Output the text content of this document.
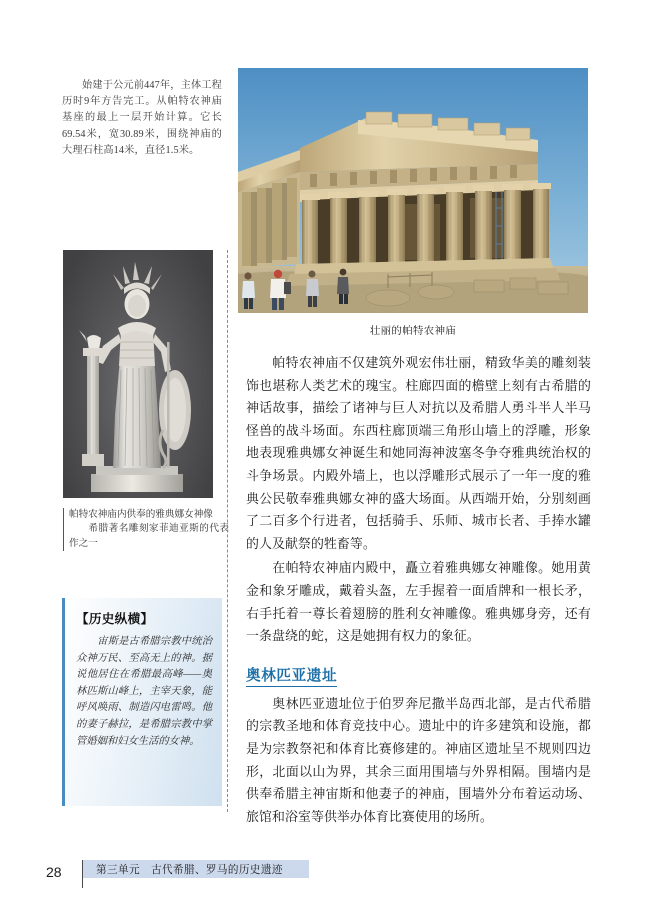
始建于公元前447年，主体工程历时9年方告完工。从帕特农神庙基座的最上一层开始计算。它长69.54米，宽30.89米，围绕神庙的大理石柱高14米，直径1.5米。
帕特农神庙内供奉的雅典娜女神像
希腊著名雕刻家菲迪亚斯的代表作之一
【历史纵横】
宙斯是古希腊宗教中统治众神万民、至高无上的神。据说他居住在希腊最高峰——奥林匹斯山峰上，主宰天象，能呼风唤雨、制造闪电雷鸣。他的妻子赫拉，是希腊宗教中掌管婚姻和妇女生活的女神。
壮丽的帕特农神庙

帕特农神庙不仅建筑外观宏伟壮丽，精致华美的雕刻装饰也堪称人类艺术的瑰宝。柱廊四面的檐壁上刻有古希腊的神话故事，描绘了诸神与巨人对抗以及希腊人勇斗半人半马怪兽的战斗场面。东西柱廊顶端三角形山墙上的浮雕，形象地表现雅典娜女神诞生和她同海神波塞冬争夺雅典统治权的斗争场景。内殿外墙上，也以浮雕形式展示了一年一度的雅典公民敬奉雅典娜女神的盛大场面。从西端开始，分别刻画了二百多个行进者，包括骑手、乐师、城市长者、手捧水罐的人及献祭的牲畜等。

在帕特农神庙内殿中，矗立着雅典娜女神雕像。她用黄金和象牙雕成，戴着头盔，左手握着一面盾牌和一根长矛，右手托着一尊长着翅膀的胜利女神雕像。雅典娜身旁，还有一条盘绕的蛇，这是她拥有权力的象征。

奥林匹亚遗址

奥林匹亚遗址位于伯罗奔尼撒半岛西北部，是古代希腊的宗教圣地和体育竞技中心。遗址中的许多建筑和设施，都是为宗教祭祀和体育比赛修建的。神庙区遗址呈不规则四边形，北面以山为界，其余三面用围墙与外界相隔。围墙内是供奉希腊主神宙斯和他妻子的神庙，围墙外分布着运动场、旅馆和浴室等供举办体育比赛使用的场所。

28	第三单元　古代希腊、罗马的历史遗迹
